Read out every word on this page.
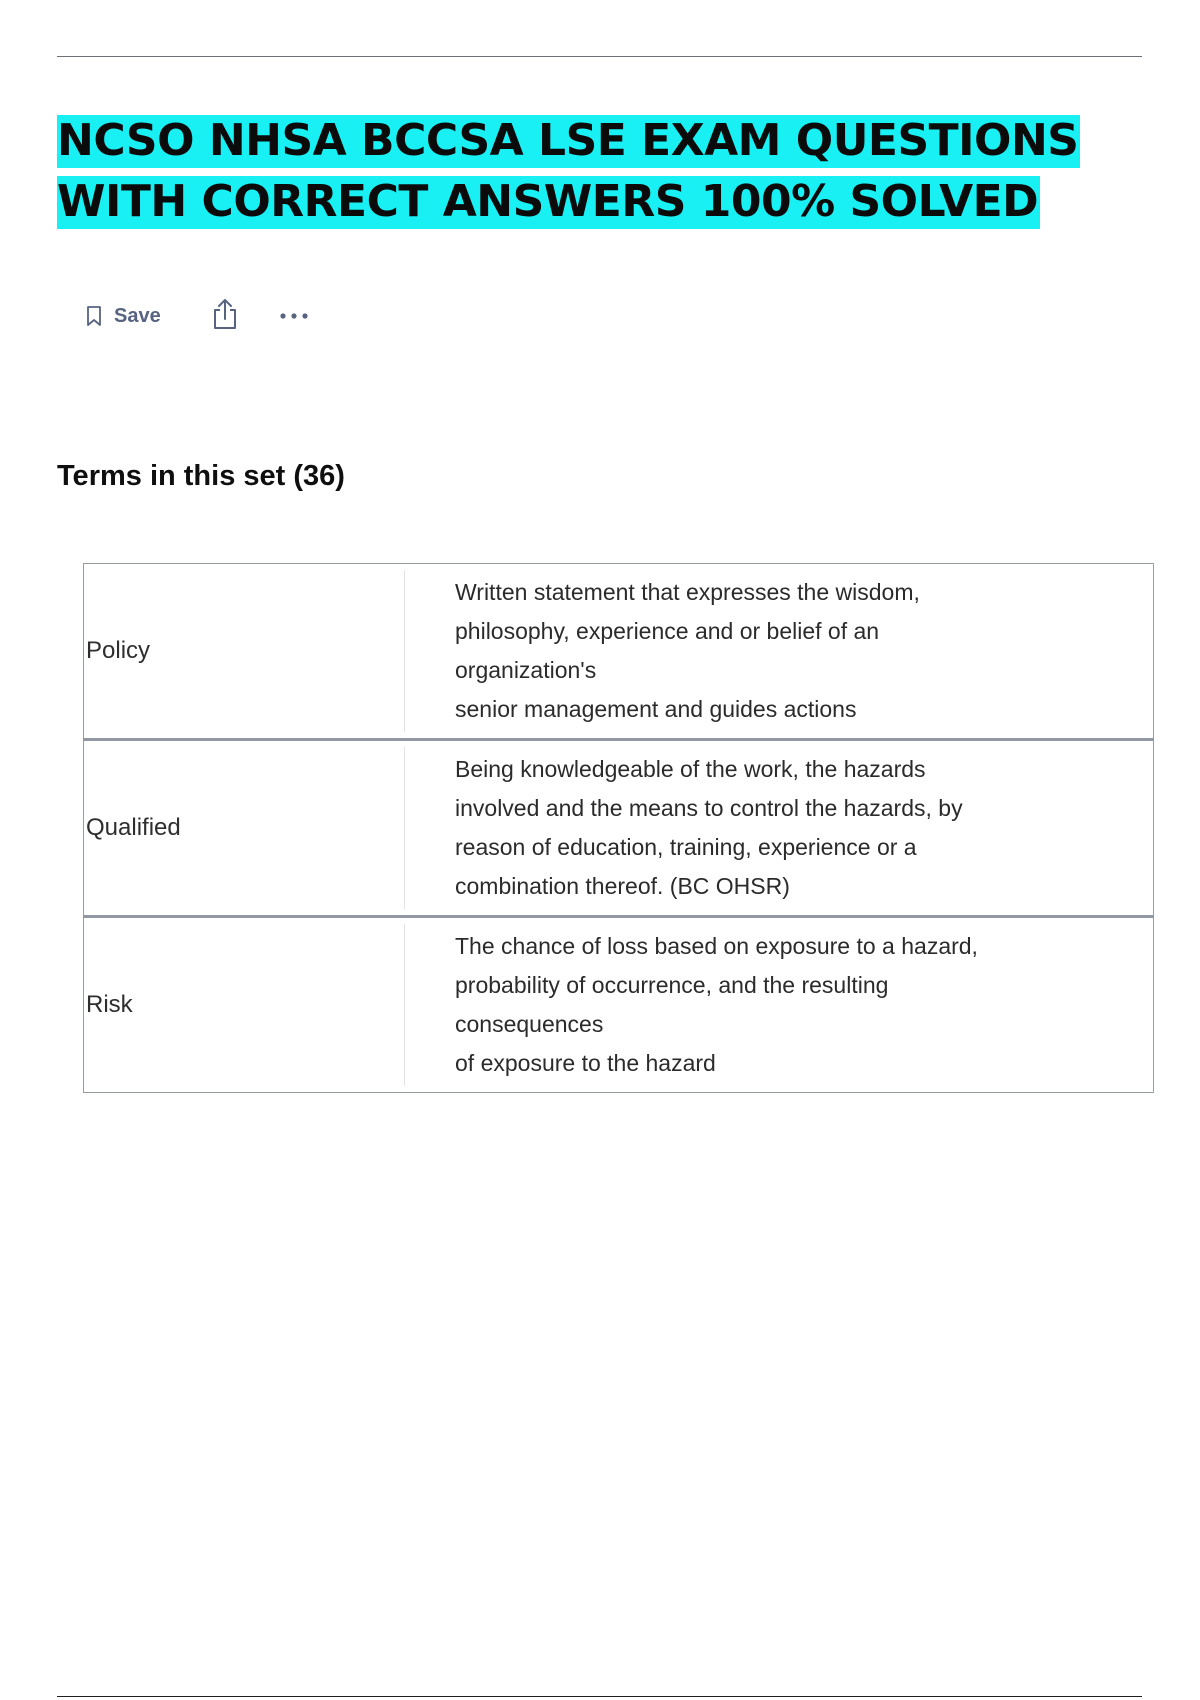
NCSO NHSA BCCSA LSE EXAM QUESTIONS WITH CORRECT ANSWERS 100% SOLVED
Save
Terms in this set (36)
Policy	Written statement that expresses the wisdom,
philosophy, experience and or belief of an
organization's
senior management and guides actions
Qualified	Being knowledgeable of the work, the hazards
involved and the means to control the hazards, by
reason of education, training, experience or a
combination thereof. (BC OHSR)
Risk	The chance of loss based on exposure to a hazard,
probability of occurrence, and the resulting
consequences
of exposure to the hazard
